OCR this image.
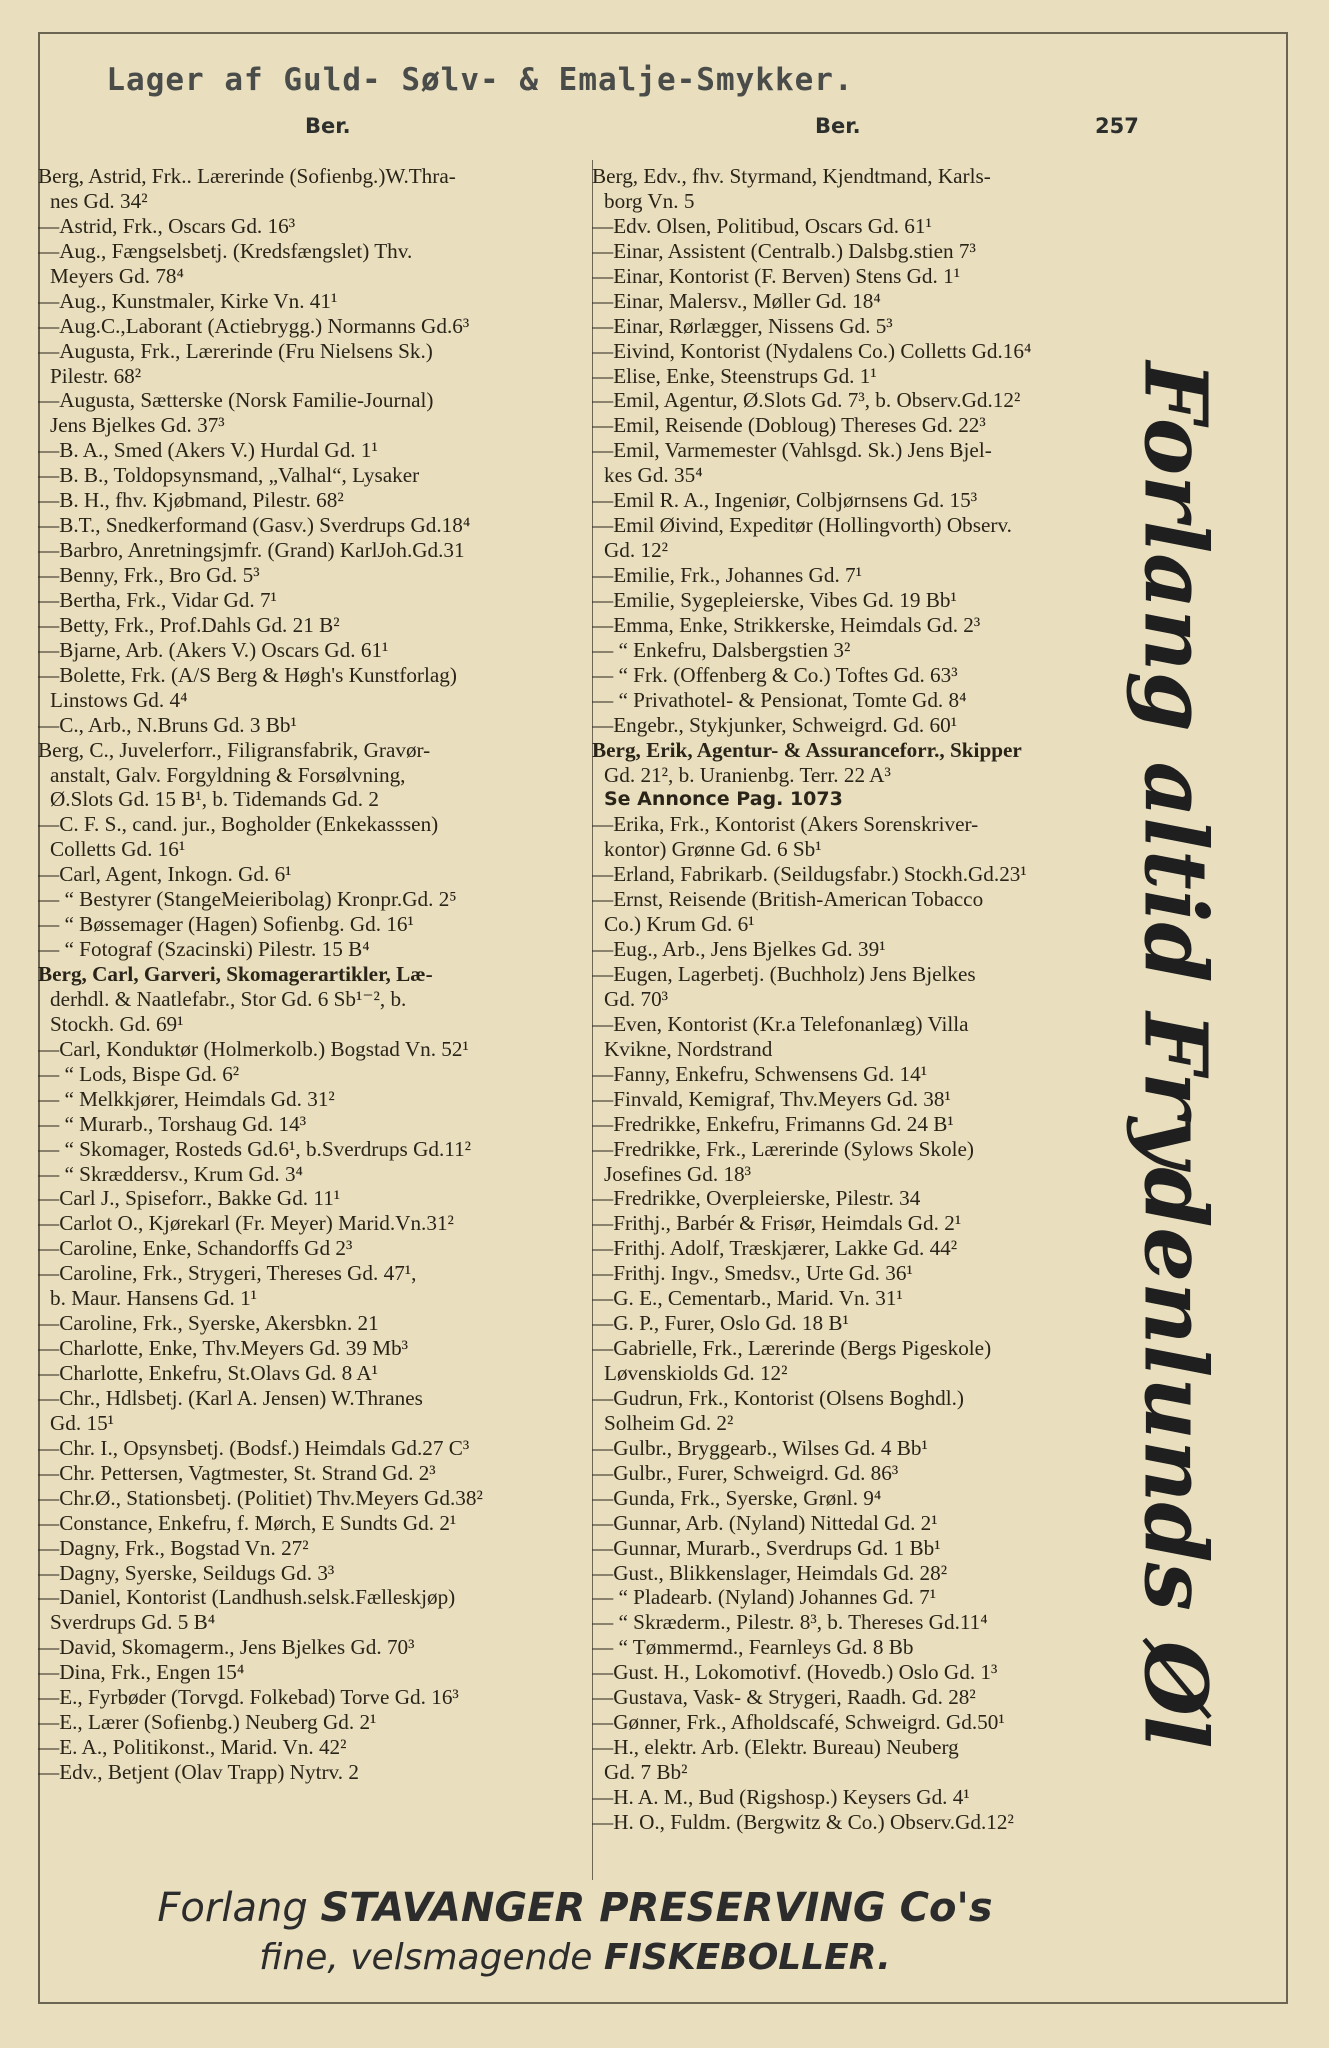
Lager af Guld- Sølv- & Emalje-Smykker.
Ber.	Ber.	257
Berg, Astrid, Frk.. Lærerinde (Sofienbg.)W.Thra-
nes Gd. 34²
—Astrid, Frk., Oscars Gd. 16³
—Aug., Fængselsbetj. (Kredsfængslet) Thv.
Meyers Gd. 78⁴
—Aug., Kunstmaler, Kirke Vn. 41¹
—Aug.C.,Laborant (Actiebrygg.) Normanns Gd.6³
—Augusta, Frk., Lærerinde (Fru Nielsens Sk.)
Pilestr. 68²
—Augusta, Sætterske (Norsk Familie-Journal)
Jens Bjelkes Gd. 37³
—B. A., Smed (Akers V.) Hurdal Gd. 1¹
—B. B., Toldopsynsmand, „Valhal“, Lysaker
—B. H., fhv. Kjøbmand, Pilestr. 68²
—B.T., Snedkerformand (Gasv.) Sverdrups Gd.18⁴
—Barbro, Anretningsjmfr. (Grand) KarlJoh.Gd.31
—Benny, Frk., Bro Gd. 5³
—Bertha, Frk., Vidar Gd. 7¹
—Betty, Frk., Prof.Dahls Gd. 21 B²
—Bjarne, Arb. (Akers V.) Oscars Gd. 61¹
—Bolette, Frk. (A/S Berg & Høgh's Kunstforlag)
Linstows Gd. 4⁴
—C., Arb., N.Bruns Gd. 3 Bb¹
Berg, C., Juvelerforr., Filigransfabrik, Gravør-
anstalt, Galv. Forgyldning & Forsølvning,
Ø.Slots Gd. 15 B¹, b. Tidemands Gd. 2
—C. F. S., cand. jur., Bogholder (Enkekasssen)
Colletts Gd. 16¹
—Carl, Agent, Inkogn. Gd. 6¹
— “ Bestyrer (StangeMeieribolag) Kronpr.Gd. 2⁵
— “ Bøssemager (Hagen) Sofienbg. Gd. 16¹
— “ Fotograf (Szacinski) Pilestr. 15 B⁴
Berg, Carl, Garveri, Skomagerartikler, Læ-
derhdl. & Naatlefabr., Stor Gd. 6 Sb¹⁻², b.
Stockh. Gd. 69¹
—Carl, Konduktør (Holmerkolb.) Bogstad Vn. 52¹
— “ Lods, Bispe Gd. 6²
— “ Melkkjører, Heimdals Gd. 31²
— “ Murarb., Torshaug Gd. 14³
— “ Skomager, Rosteds Gd.6¹, b.Sverdrups Gd.11²
— “ Skræddersv., Krum Gd. 3⁴
—Carl J., Spiseforr., Bakke Gd. 11¹
—Carlot O., Kjørekarl (Fr. Meyer) Marid.Vn.31²
—Caroline, Enke, Schandorffs Gd 2³
—Caroline, Frk., Strygeri, Thereses Gd. 47¹,
b. Maur. Hansens Gd. 1¹
—Caroline, Frk., Syerske, Akersbkn. 21
—Charlotte, Enke, Thv.Meyers Gd. 39 Mb³
—Charlotte, Enkefru, St.Olavs Gd. 8 A¹
—Chr., Hdlsbetj. (Karl A. Jensen) W.Thranes
Gd. 15¹
—Chr. I., Opsynsbetj. (Bodsf.) Heimdals Gd.27 C³
—Chr. Pettersen, Vagtmester, St. Strand Gd. 2³
—Chr.Ø., Stationsbetj. (Politiet) Thv.Meyers Gd.38²
—Constance, Enkefru, f. Mørch, E Sundts Gd. 2¹
—Dagny, Frk., Bogstad Vn. 27²
—Dagny, Syerske, Seildugs Gd. 3³
—Daniel, Kontorist (Landhush.selsk.Fælleskjøp)
Sverdrups Gd. 5 B⁴
—David, Skomagerm., Jens Bjelkes Gd. 70³
—Dina, Frk., Engen 15⁴
—E., Fyrbøder (Torvgd. Folkebad) Torve Gd. 16³
—E., Lærer (Sofienbg.) Neuberg Gd. 2¹
—E. A., Politikonst., Marid. Vn. 42²
—Edv., Betjent (Olav Trapp) Nytrv. 2
Berg, Edv., fhv. Styrmand, Kjendtmand, Karls-
borg Vn. 5
—Edv. Olsen, Politibud, Oscars Gd. 61¹
—Einar, Assistent (Centralb.) Dalsbg.stien 7³
—Einar, Kontorist (F. Berven) Stens Gd. 1¹
—Einar, Malersv., Møller Gd. 18⁴
—Einar, Rørlægger, Nissens Gd. 5³
—Eivind, Kontorist (Nydalens Co.) Colletts Gd.16⁴
—Elise, Enke, Steenstrups Gd. 1¹
—Emil, Agentur, Ø.Slots Gd. 7³, b. Observ.Gd.12²
—Emil, Reisende (Dobloug) Thereses Gd. 22³
—Emil, Varmemester (Vahlsgd. Sk.) Jens Bjel-
kes Gd. 35⁴
—Emil R. A., Ingeniør, Colbjørnsens Gd. 15³
—Emil Øivind, Expeditør (Hollingvorth) Observ.
Gd. 12²
—Emilie, Frk., Johannes Gd. 7¹
—Emilie, Sygepleierske, Vibes Gd. 19 Bb¹
—Emma, Enke, Strikkerske, Heimdals Gd. 2³
— “ Enkefru, Dalsbergstien 3²
— “ Frk. (Offenberg & Co.) Toftes Gd. 63³
— “ Privathotel- & Pensionat, Tomte Gd. 8⁴
—Engebr., Stykjunker, Schweigrd. Gd. 60¹
Berg, Erik, Agentur- & Assuranceforr., Skipper
Gd. 21², b. Uranienbg. Terr. 22 A³
Se Annonce Pag. 1073
—Erika, Frk., Kontorist (Akers Sorenskriver-
kontor) Grønne Gd. 6 Sb¹
—Erland, Fabrikarb. (Seildugsfabr.) Stockh.Gd.23¹
—Ernst, Reisende (British-American Tobacco
Co.) Krum Gd. 6¹
—Eug., Arb., Jens Bjelkes Gd. 39¹
—Eugen, Lagerbetj. (Buchholz) Jens Bjelkes
Gd. 70³
—Even, Kontorist (Kr.a Telefonanlæg) Villa
Kvikne, Nordstrand
—Fanny, Enkefru, Schwensens Gd. 14¹
—Finvald, Kemigraf, Thv.Meyers Gd. 38¹
—Fredrikke, Enkefru, Frimanns Gd. 24 B¹
—Fredrikke, Frk., Lærerinde (Sylows Skole)
Josefines Gd. 18³
—Fredrikke, Overpleierske, Pilestr. 34
—Frithj., Barbér & Frisør, Heimdals Gd. 2¹
—Frithj. Adolf, Træskjærer, Lakke Gd. 44²
—Frithj. Ingv., Smedsv., Urte Gd. 36¹
—G. E., Cementarb., Marid. Vn. 31¹
—G. P., Furer, Oslo Gd. 18 B¹
—Gabrielle, Frk., Lærerinde (Bergs Pigeskole)
Løvenskiolds Gd. 12²
—Gudrun, Frk., Kontorist (Olsens Boghdl.)
Solheim Gd. 2²
—Gulbr., Bryggearb., Wilses Gd. 4 Bb¹
—Gulbr., Furer, Schweigrd. Gd. 86³
—Gunda, Frk., Syerske, Grønl. 9⁴
—Gunnar, Arb. (Nyland) Nittedal Gd. 2¹
—Gunnar, Murarb., Sverdrups Gd. 1 Bb¹
—Gust., Blikkenslager, Heimdals Gd. 28²
— “ Pladearb. (Nyland) Johannes Gd. 7¹
— “ Skræderm., Pilestr. 8³, b. Thereses Gd.11⁴
— “ Tømmermd., Fearnleys Gd. 8 Bb
—Gust. H., Lokomotivf. (Hovedb.) Oslo Gd. 1³
—Gustava, Vask- & Strygeri, Raadh. Gd. 28²
—Gønner, Frk., Afholdscafé, Schweigrd. Gd.50¹
—H., elektr. Arb. (Elektr. Bureau) Neuberg
Gd. 7 Bb²
—H. A. M., Bud (Rigshosp.) Keysers Gd. 4¹
—H. O., Fuldm. (Bergwitz & Co.) Observ.Gd.12²
Forlang altid Frydenlunds Øl
Forlang STAVANGER PRESERVING Co's
fine, velsmagende FISKEBOLLER.
